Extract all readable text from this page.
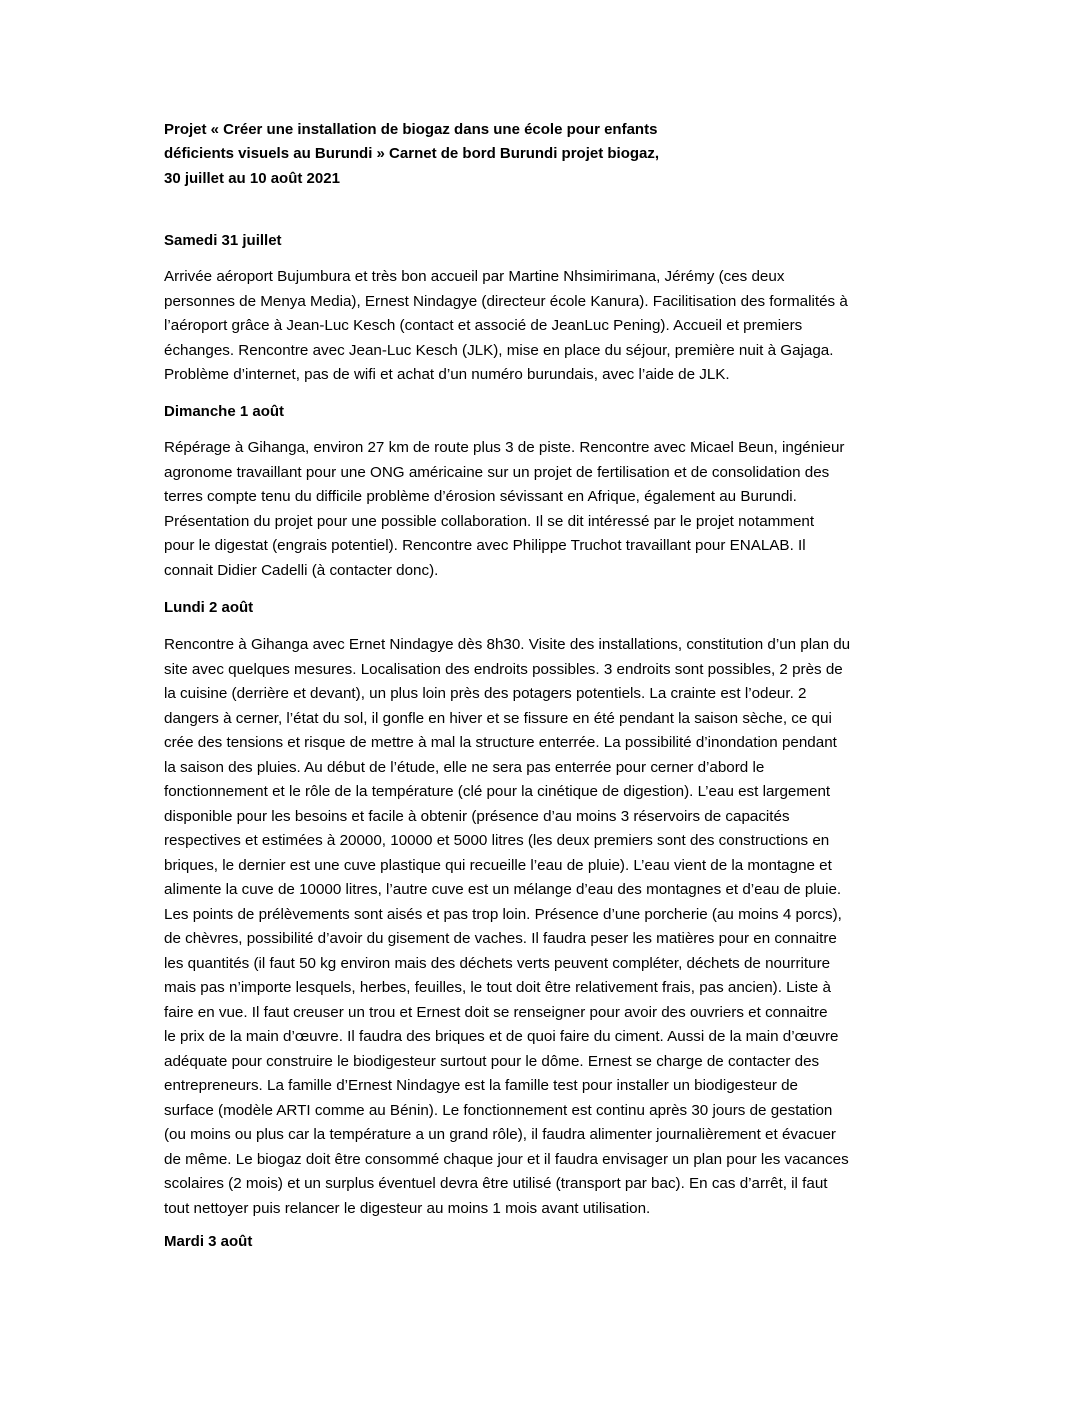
Projet « Créer une installation de biogaz dans une école pour enfants
déficients visuels au Burundi » Carnet de bord Burundi projet biogaz,
30 juillet au 10 août 2021
Samedi 31 juillet

Arrivée aéroport Bujumbura et très bon accueil par Martine Nhsimirimana, Jérémy (ces deux
personnes de Menya Media), Ernest Nindagye (directeur école Kanura). Facilitisation des formalités à
l’aéroport grâce à Jean-Luc Kesch (contact et associé de JeanLuc Pening). Accueil et premiers
échanges. Rencontre avec Jean-Luc Kesch (JLK), mise en place du séjour, première nuit à Gajaga.
Problème d’internet, pas de wifi et achat d’un numéro burundais, avec l’aide de JLK.

Dimanche 1 août

Répérage à Gihanga, environ 27 km de route plus 3 de piste. Rencontre avec Micael Beun, ingénieur
agronome travaillant pour une ONG américaine sur un projet de fertilisation et de consolidation des
terres compte tenu du difficile problème d’érosion sévissant en Afrique, également au Burundi.
Présentation du projet pour une possible collaboration. Il se dit intéressé par le projet notamment
pour le digestat (engrais potentiel). Rencontre avec Philippe Truchot travaillant pour ENALAB. Il
connait Didier Cadelli (à contacter donc).

Lundi 2 août

Rencontre à Gihanga avec Ernet Nindagye dès 8h30. Visite des installations, constitution d’un plan du
site avec quelques mesures. Localisation des endroits possibles. 3 endroits sont possibles, 2 près de
la cuisine (derrière et devant), un plus loin près des potagers potentiels. La crainte est l’odeur. 2
dangers à cerner, l’état du sol, il gonfle en hiver et se fissure en été pendant la saison sèche, ce qui
crée des tensions et risque de mettre à mal la structure enterrée. La possibilité d’inondation pendant
la saison des pluies. Au début de l’étude, elle ne sera pas enterrée pour cerner d’abord le
fonctionnement et le rôle de la température (clé pour la cinétique de digestion). L’eau est largement
disponible pour les besoins et facile à obtenir (présence d’au moins 3 réservoirs de capacités
respectives et estimées à 20000, 10000 et 5000 litres (les deux premiers sont des constructions en
briques, le dernier est une cuve plastique qui recueille l’eau de pluie). L’eau vient de la montagne et
alimente la cuve de 10000 litres, l’autre cuve est un mélange d’eau des montagnes et d’eau de pluie.
Les points de prélèvements sont aisés et pas trop loin. Présence d’une porcherie (au moins 4 porcs),
de chèvres, possibilité d’avoir du gisement de vaches. Il faudra peser les matières pour en connaitre
les quantités (il faut 50 kg environ mais des déchets verts peuvent compléter, déchets de nourriture
mais pas n’importe lesquels, herbes, feuilles, le tout doit être relativement frais, pas ancien). Liste à
faire en vue. Il faut creuser un trou et Ernest doit se renseigner pour avoir des ouvriers et connaitre
le prix de la main d’œuvre. Il faudra des briques et de quoi faire du ciment. Aussi de la main d’œuvre
adéquate pour construire le biodigesteur surtout pour le dôme. Ernest se charge de contacter des
entrepreneurs. La famille d’Ernest Nindagye est la famille test pour installer un biodigesteur de
surface (modèle ARTI comme au Bénin). Le fonctionnement est continu après 30 jours de gestation
(ou moins ou plus car la température a un grand rôle), il faudra alimenter journalièrement et évacuer
de même. Le biogaz doit être consommé chaque jour et il faudra envisager un plan pour les vacances
scolaires (2 mois) et un surplus éventuel devra être utilisé (transport par bac). En cas d’arrêt, il faut
tout nettoyer puis relancer le digesteur au moins 1 mois avant utilisation.

Mardi 3 août
